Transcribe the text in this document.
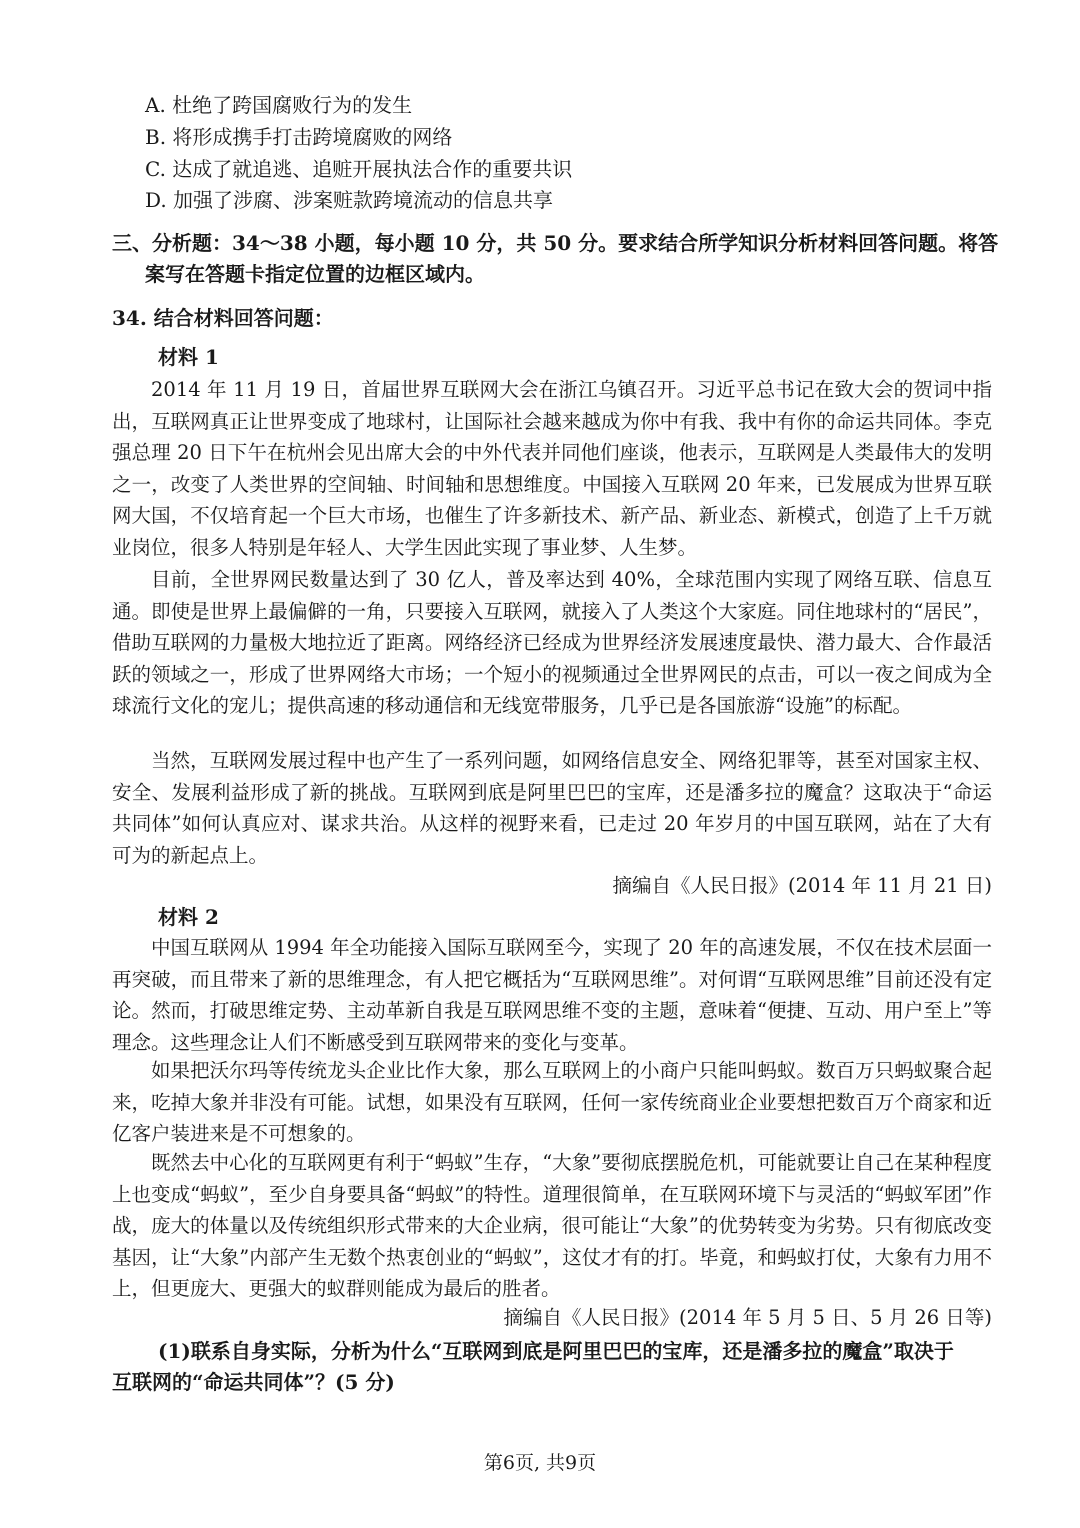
A. 杜绝了跨国腐败行为的发生
B. 将形成携手打击跨境腐败的网络
C. 达成了就追逃、追赃开展执法合作的重要共识
D. 加强了涉腐、涉案赃款跨境流动的信息共享
三、分析题：34～38 小题，每小题 10 分，共 50 分。要求结合所学知识分析材料回答问题。将答
案写在答题卡指定位置的边框区域内。
34. 结合材料回答问题：
材料 1

2014 年 11 月 19 日，首届世界互联网大会在浙江乌镇召开。习近平总书记在致大会的贺词中指出，互联网真正让世界变成了地球村，让国际社会越来越成为你中有我、我中有你的命运共同体。李克强总理 20 日下午在杭州会见出席大会的中外代表并同他们座谈，他表示，互联网是人类最伟大的发明之一，改变了人类世界的空间轴、时间轴和思想维度。中国接入互联网 20 年来，已发展成为世界互联网大国，不仅培育起一个巨大市场，也催生了许多新技术、新产品、新业态、新模式，创造了上千万就业岗位，很多人特别是年轻人、大学生因此实现了事业梦、人生梦。

目前，全世界网民数量达到了 30 亿人，普及率达到 40%，全球范围内实现了网络互联、信息互通。即使是世界上最偏僻的一角，只要接入互联网，就接入了人类这个大家庭。同住地球村的“居民”，借助互联网的力量极大地拉近了距离。网络经济已经成为世界经济发展速度最快、潜力最大、合作最活跃的领域之一，形成了世界网络大市场；一个短小的视频通过全世界网民的点击，可以一夜之间成为全球流行文化的宠儿；提供高速的移动通信和无线宽带服务，几乎已是各国旅游“设施”的标配。

当然，互联网发展过程中也产生了一系列问题，如网络信息安全、网络犯罪等，甚至对国家主权、安全、发展利益形成了新的挑战。互联网到底是阿里巴巴的宝库，还是潘多拉的魔盒？这取决于“命运共同体”如何认真应对、谋求共治。从这样的视野来看，已走过 20 年岁月的中国互联网，站在了大有可为的新起点上。

摘编自《人民日报》(2014 年 11 月 21 日)
材料 2

中国互联网从 1994 年全功能接入国际互联网至今，实现了 20 年的高速发展，不仅在技术层面一再突破，而且带来了新的思维理念，有人把它概括为“互联网思维”。对何谓“互联网思维”目前还没有定论。然而，打破思维定势、主动革新自我是互联网思维不变的主题，意味着“便捷、互动、用户至上”等理念。这些理念让人们不断感受到互联网带来的变化与变革。

如果把沃尔玛等传统龙头企业比作大象，那么互联网上的小商户只能叫蚂蚁。数百万只蚂蚁聚合起来，吃掉大象并非没有可能。试想，如果没有互联网，任何一家传统商业企业要想把数百万个商家和近亿客户装进来是不可想象的。

既然去中心化的互联网更有利于“蚂蚁”生存，“大象”要彻底摆脱危机，可能就要让自己在某种程度上也变成“蚂蚁”，至少自身要具备“蚂蚁”的特性。道理很简单，在互联网环境下与灵活的“蚂蚁军团”作战，庞大的体量以及传统组织形式带来的大企业病，很可能让“大象”的优势转变为劣势。只有彻底改变基因，让“大象”内部产生无数个热衷创业的“蚂蚁”，这仗才有的打。毕竟，和蚂蚁打仗，大象有力用不上，但更庞大、更强大的蚁群则能成为最后的胜者。

摘编自《人民日报》(2014 年 5 月 5 日、5 月 26 日等)
(1)联系自身实际，分析为什么“互联网到底是阿里巴巴的宝库，还是潘多拉的魔盒”取决于
互联网的“命运共同体”？(5 分)
第6页, 共9页
